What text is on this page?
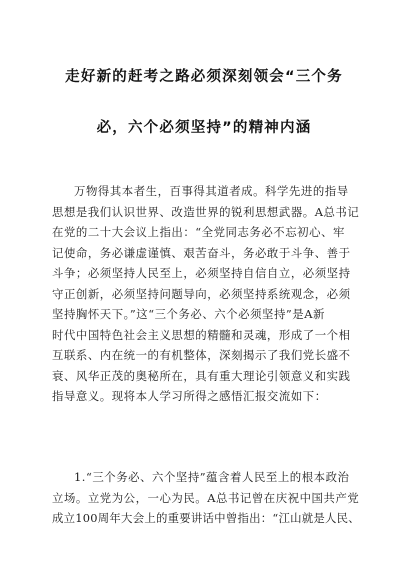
走好新的赶考之路必须深刻领会“三个务
必，六个必须坚持”的精神内涵
万物得其本者生，百事得其道者成。科学先进的指导
思想是我们认识世界、改造世界的锐利思想武器。A总书记
在党的二十大会议上指出：“全党同志务必不忘初心、牢
记使命，务必谦虚谨慎、艰苦奋斗，务必敢于斗争、善于
斗争；必须坚持人民至上，必须坚持自信自立，必须坚持
守正创新，必须坚持问题导向，必须坚持系统观念，必须
坚持胸怀天下。”这“三个务必、六个必须坚持”是A新
时代中国特色社会主义思想的精髓和灵魂，形成了一个相
互联系、内在统一的有机整体，深刻揭示了我们党长盛不
衰、风华正茂的奥秘所在，具有重大理论引领意义和实践
指导意义。现将本人学习所得之感悟汇报交流如下：
1.“三个务必、六个坚持”蕴含着人民至上的根本政治
立场。立党为公，一心为民。A总书记曾在庆祝中国共产党
成立100周年大会上的重要讲话中曾指出：“江山就是人民、
